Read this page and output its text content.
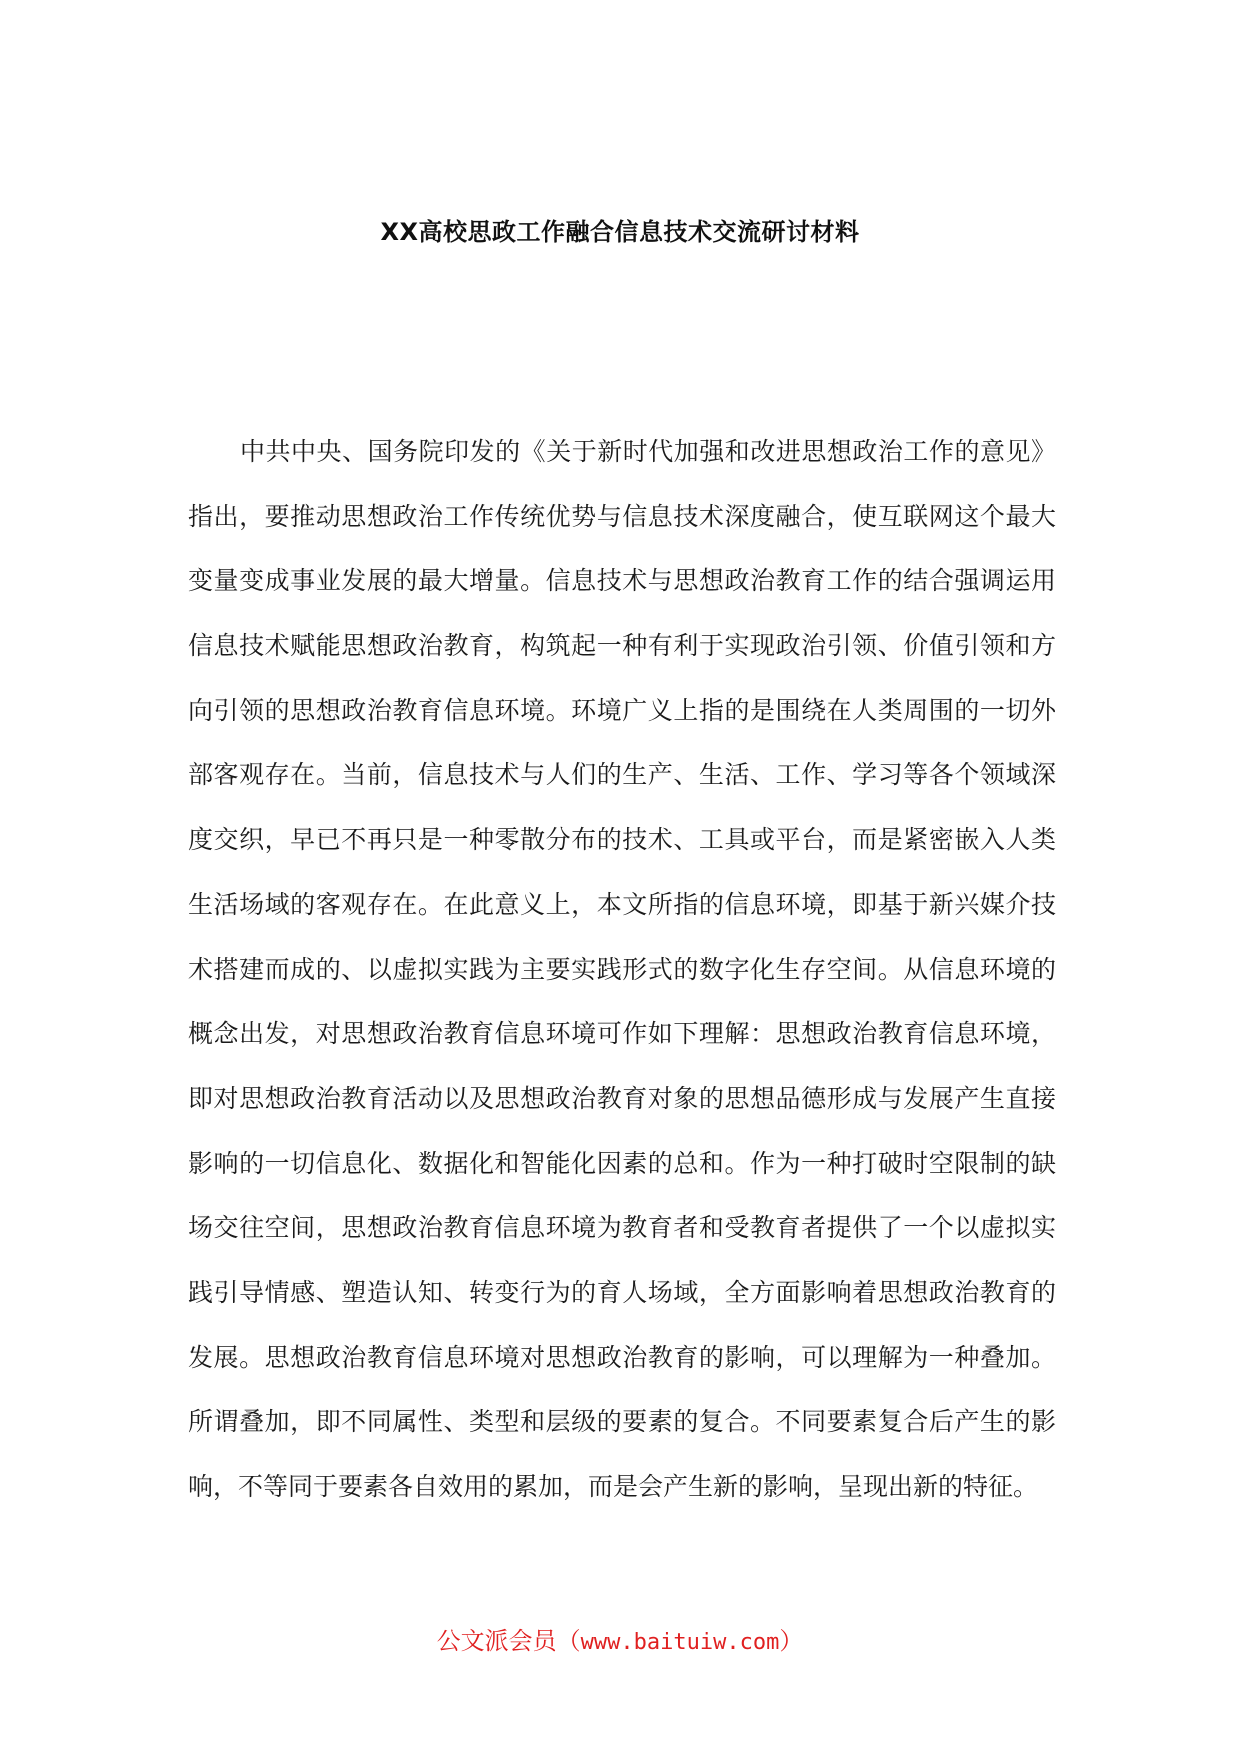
XX高校思政工作融合信息技术交流研讨材料
中共中央、国务院印发的《关于新时代加强和改进思想政治工作的意见》
指出，要推动思想政治工作传统优势与信息技术深度融合，使互联网这个最大
变量变成事业发展的最大增量。信息技术与思想政治教育工作的结合强调运用
信息技术赋能思想政治教育，构筑起一种有利于实现政治引领、价值引领和方
向引领的思想政治教育信息环境。环境广义上指的是围绕在人类周围的一切外
部客观存在。当前，信息技术与人们的生产、生活、工作、学习等各个领域深
度交织，早已不再只是一种零散分布的技术、工具或平台，而是紧密嵌入人类
生活场域的客观存在。在此意义上，本文所指的信息环境，即基于新兴媒介技
术搭建而成的、以虚拟实践为主要实践形式的数字化生存空间。从信息环境的
概念出发，对思想政治教育信息环境可作如下理解：思想政治教育信息环境，
即对思想政治教育活动以及思想政治教育对象的思想品德形成与发展产生直接
影响的一切信息化、数据化和智能化因素的总和。作为一种打破时空限制的缺
场交往空间，思想政治教育信息环境为教育者和受教育者提供了一个以虚拟实
践引导情感、塑造认知、转变行为的育人场域，全方面影响着思想政治教育的
发展。思想政治教育信息环境对思想政治教育的影响，可以理解为一种叠加。
所谓叠加，即不同属性、类型和层级的要素的复合。不同要素复合后产生的影
响，不等同于要素各自效用的累加，而是会产生新的影响，呈现出新的特征。
公文派会员（www.baituiw.com）
